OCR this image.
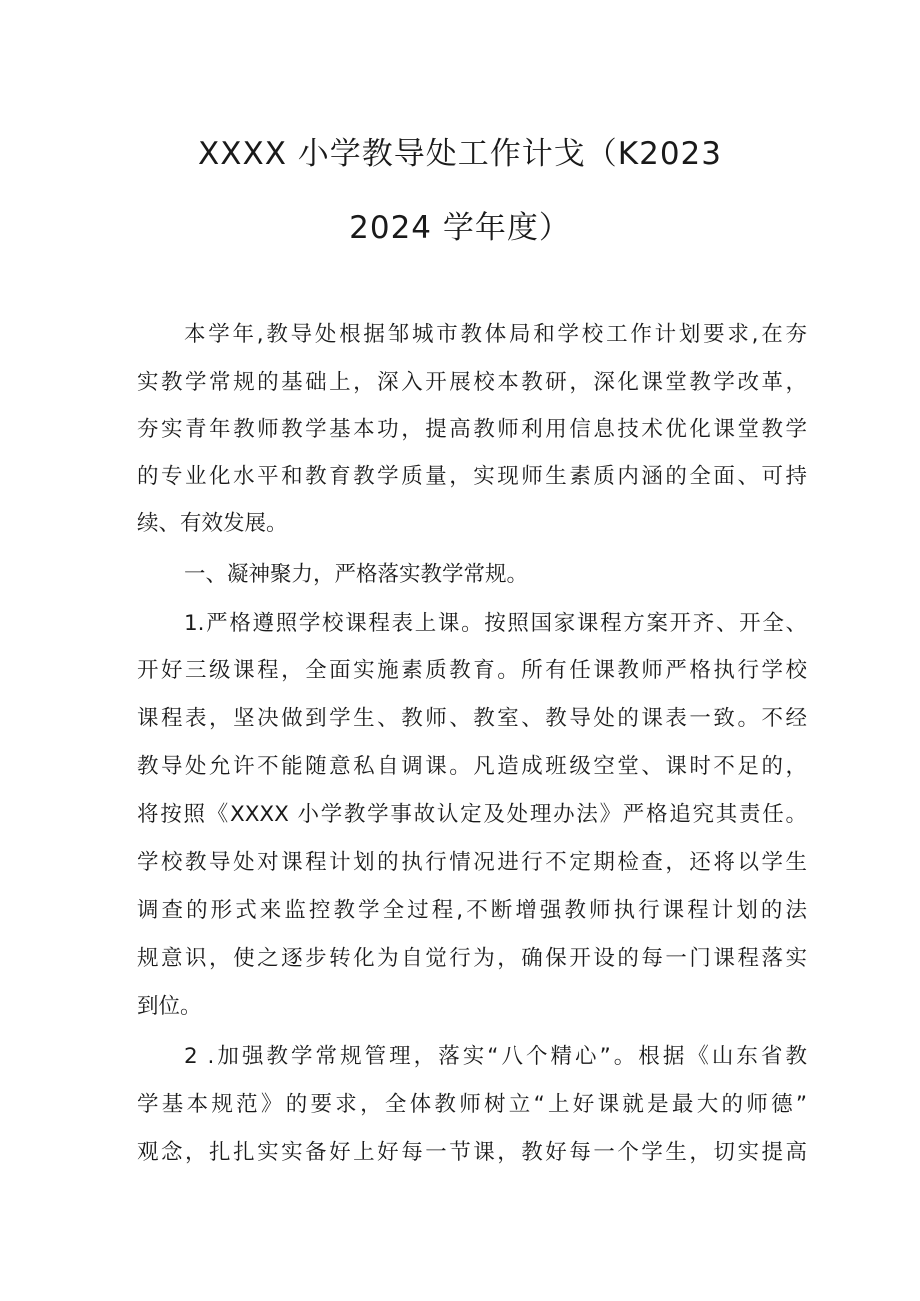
XXXX 小学教导处工作计戈（K2023
2024 学年度）
本学年,教导处根据邹城市教体局和学校工作计划要求,在夯
实教学常规的基础上，深入开展校本教研，深化课堂教学改革，
夯实青年教师教学基本功，提高教师利用信息技术优化课堂教学
的专业化水平和教育教学质量，实现师生素质内涵的全面、可持
续、有效发展。
一、凝神聚力，严格落实教学常规。
1.严格遵照学校课程表上课。按照国家课程方案开齐、开全、
开好三级课程，全面实施素质教育。所有任课教师严格执行学校
课程表，坚决做到学生、教师、教室、教导处的课表一致。不经
教导处允许不能随意私自调课。凡造成班级空堂、课时不足的，
将按照《XXXX 小学教学事故认定及处理办法》严格追究其责任。
学校教导处对课程计划的执行情况进行不定期检查，还将以学生
调查的形式来监控教学全过程,不断增强教师执行课程计划的法
规意识，使之逐步转化为自觉行为，确保开设的每一门课程落实
到位。
2 .加强教学常规管理，落实“八个精心”。根据《山东省教
学基本规范》的要求，全体教师树立“上好课就是最大的师德”
观念，扎扎实实备好上好每一节课，教好每一个学生，切实提高
